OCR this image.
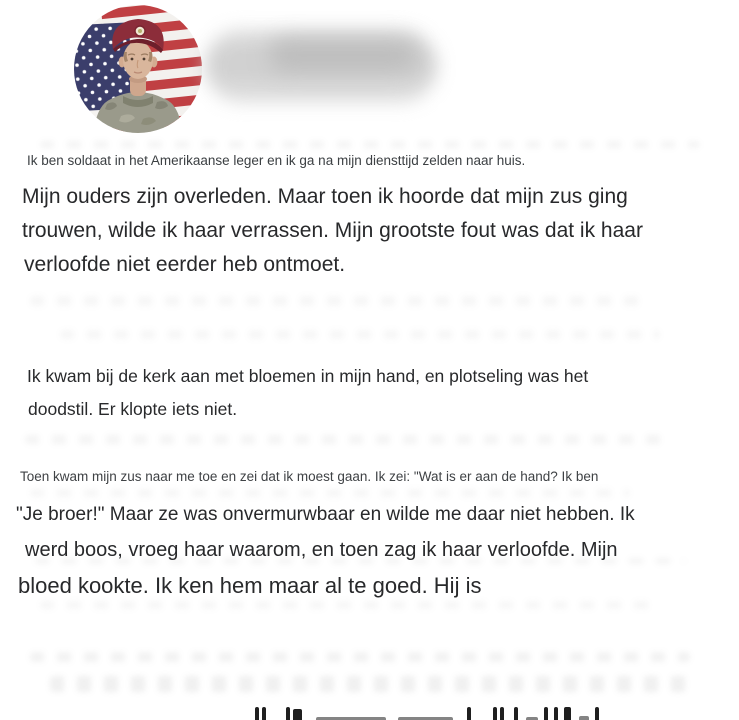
Ik ben soldaat in het Amerikaanse leger en ik ga na mijn diensttijd zelden naar huis.
Mijn ouders zijn overleden. Maar toen ik hoorde dat mijn zus ging
trouwen, wilde ik haar verrassen. Mijn grootste fout was dat ik haar
verloofde niet eerder heb ontmoet.
Ik kwam bij de kerk aan met bloemen in mijn hand, en plotseling was het
doodstil. Er klopte iets niet.
Toen kwam mijn zus naar me toe en zei dat ik moest gaan. Ik zei: "Wat is er aan de hand? Ik ben
"Je broer!" Maar ze was onvermurwbaar en wilde me daar niet hebben. Ik
werd boos, vroeg haar waarom, en toen zag ik haar verloofde. Mijn
bloed kookte. Ik ken hem maar al te goed. Hij is
